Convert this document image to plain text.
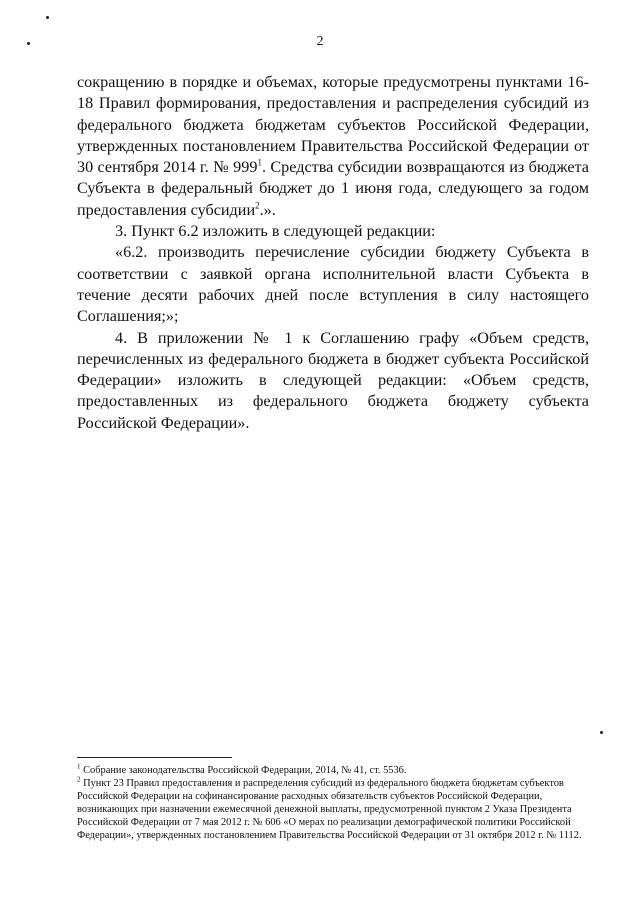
2

сокращению в порядке и объемах, которые предусмотрены пунктами 16-18 Правил формирования, предоставления и распределения субсидий из федерального бюджета бюджетам субъектов Российской Федерации, утвержденных постановлением Правительства Российской Федерации от 30 сентября 2014 г. № $999^1$. Средства субсидии возвращаются из бюджета Субъекта в федеральный бюджет до 1 июня года, следующего за годом предоставления субсидии$^2$.».

3. Пункт 6.2 изложить в следующей редакции:

«6.2. производить перечисление субсидии бюджету Субъекта в соответствии с заявкой органа исполнительной власти Субъекта в течение десяти рабочих дней после вступления в силу настоящего Соглашения;»;

4. В приложении № 1 к Соглашению графу «Объем средств, перечисленных из федерального бюджета в бюджет субъекта Российской Федерации» изложить в следующей редакции: «Объем средств, предоставленных из федерального бюджета бюджету субъекта Российской Федерации».

$^1$ Собрание законодательства Российской Федерации, 2014, № 41, ст. 5536.

$^2$ Пункт 23 Правил предоставления и распределения субсидий из федерального бюджета бюджетам субъектов Российской Федерации на софинансирование расходных обязательств субъектов Российской Федерации, возникающих при назначении ежемесячной денежной выплаты, предусмотренной пунктом 2 Указа Президента Российской Федерации от 7 мая 2012 г. № 606 «О мерах по реализации демографической политики Российской Федерации», утвержденных постановлением Правительства Российской Федерации от 31 октября 2012 г. № 1112.
